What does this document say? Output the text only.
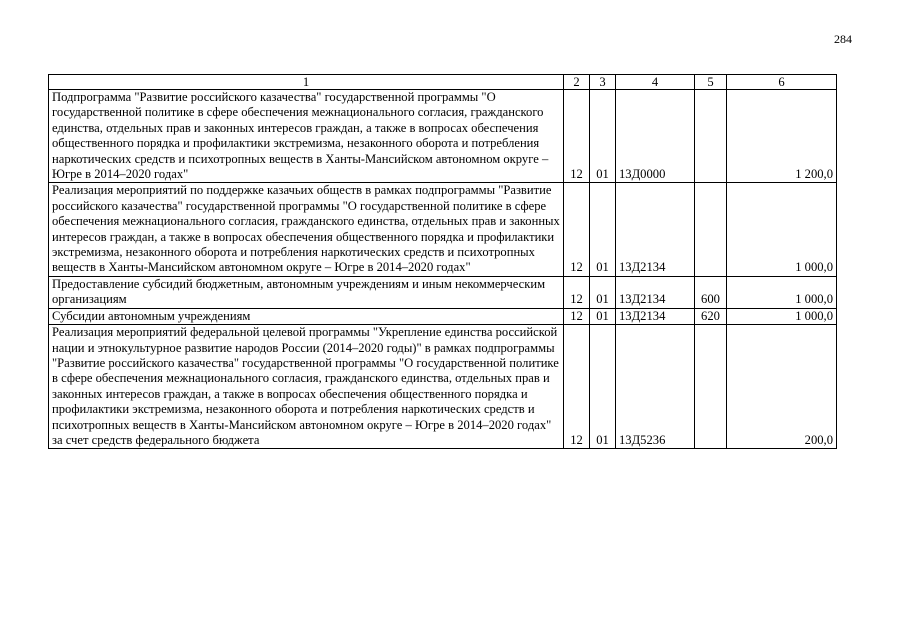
284
1	2	3	4	5	6
Подпрограмма "Развитие российского казачества" государственной программы "О государственной политике в сфере обеспечения межнационального согласия, гражданского единства, отдельных прав и законных интересов граждан, а также в вопросах обеспечения общественного порядка и профилактики экстремизма, незаконного оборота и потребления наркотических средств и психотропных веществ в Ханты-Мансийском автономном округе – Югре в 2014–2020 годах"	12	01	13Д0000		1 200,0
Реализация мероприятий по поддержке казачьих обществ в рамках подпрограммы "Развитие российского казачества" государственной программы "О государственной политике в сфере обеспечения межнационального согласия, гражданского единства, отдельных прав и законных интересов граждан, а также в вопросах обеспечения общественного порядка и профилактики экстремизма, незаконного оборота и потребления наркотических средств и психотропных веществ в Ханты-Мансийском автономном округе – Югре в 2014–2020 годах"	12	01	13Д2134		1 000,0
Предоставление субсидий бюджетным, автономным учреждениям и иным некоммерческим организациям	12	01	13Д2134	600	1 000,0
Субсидии автономным учреждениям	12	01	13Д2134	620	1 000,0
Реализация мероприятий федеральной целевой программы "Укрепление единства российской нации и этнокультурное развитие народов России (2014–2020 годы)" в рамках подпрограммы "Развитие российского казачества" государственной программы "О государственной политике в сфере обеспечения межнационального согласия, гражданского единства, отдельных прав и законных интересов граждан, а также в вопросах обеспечения общественного порядка и профилактики экстремизма, незаконного оборота и потребления наркотических средств и психотропных веществ в Ханты-Мансийском автономном округе – Югре в 2014–2020 годах" за счет средств федерального бюджета	12	01	13Д5236		200,0
